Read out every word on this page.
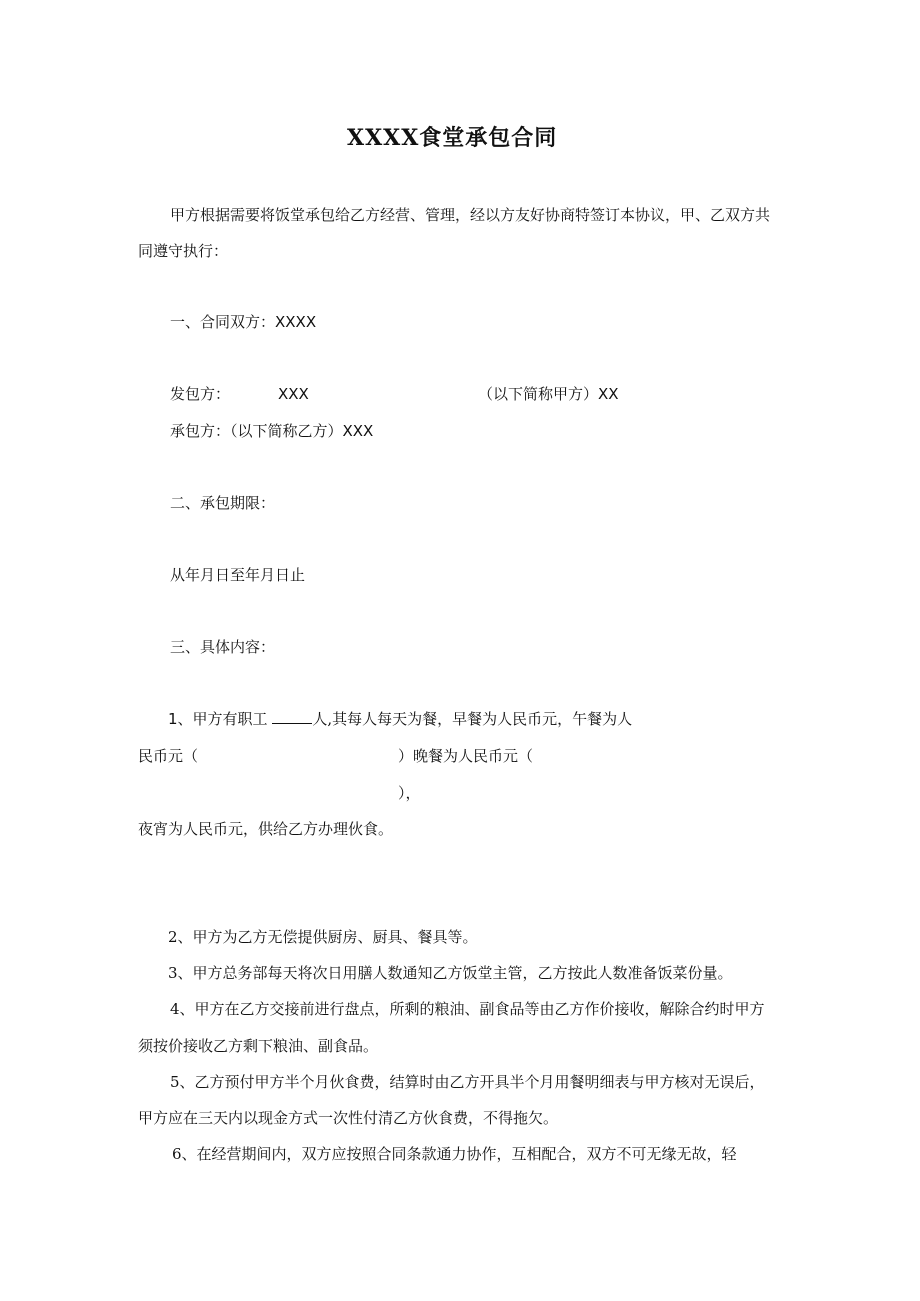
XXXX食堂承包合同
甲方根据需要将饭堂承包给乙方经营、管理，经以方友好协商特签订本协议，甲、乙双方共
同遵守执行：
一、合同双方：XXXX
发包方：	XXX	（以下简称甲方）XX
承包方：（以下简称乙方）XXX
二、承包期限：
从年月日至年月日止
三、具体内容：
1、甲方有职工	人,其每人每天为餐，早餐为人民币元，午餐为人
民币元（	）晚餐为人民币元（
），
夜宵为人民币元，供给乙方办理伙食。
2、甲方为乙方无偿提供厨房、厨具、餐具等。
3、甲方总务部每天将次日用膳人数通知乙方饭堂主管，乙方按此人数准备饭菜份量。
4、甲方在乙方交接前进行盘点，所剩的粮油、副食品等由乙方作价接收，解除合约时甲方
须按价接收乙方剩下粮油、副食品。
5、乙方预付甲方半个月伙食费，结算时由乙方开具半个月用餐明细表与甲方核对无误后，
甲方应在三天内以现金方式一次性付清乙方伙食费，不得拖欠。
6、在经营期间内，双方应按照合同条款通力协作，互相配合，双方不可无缘无故，轻
